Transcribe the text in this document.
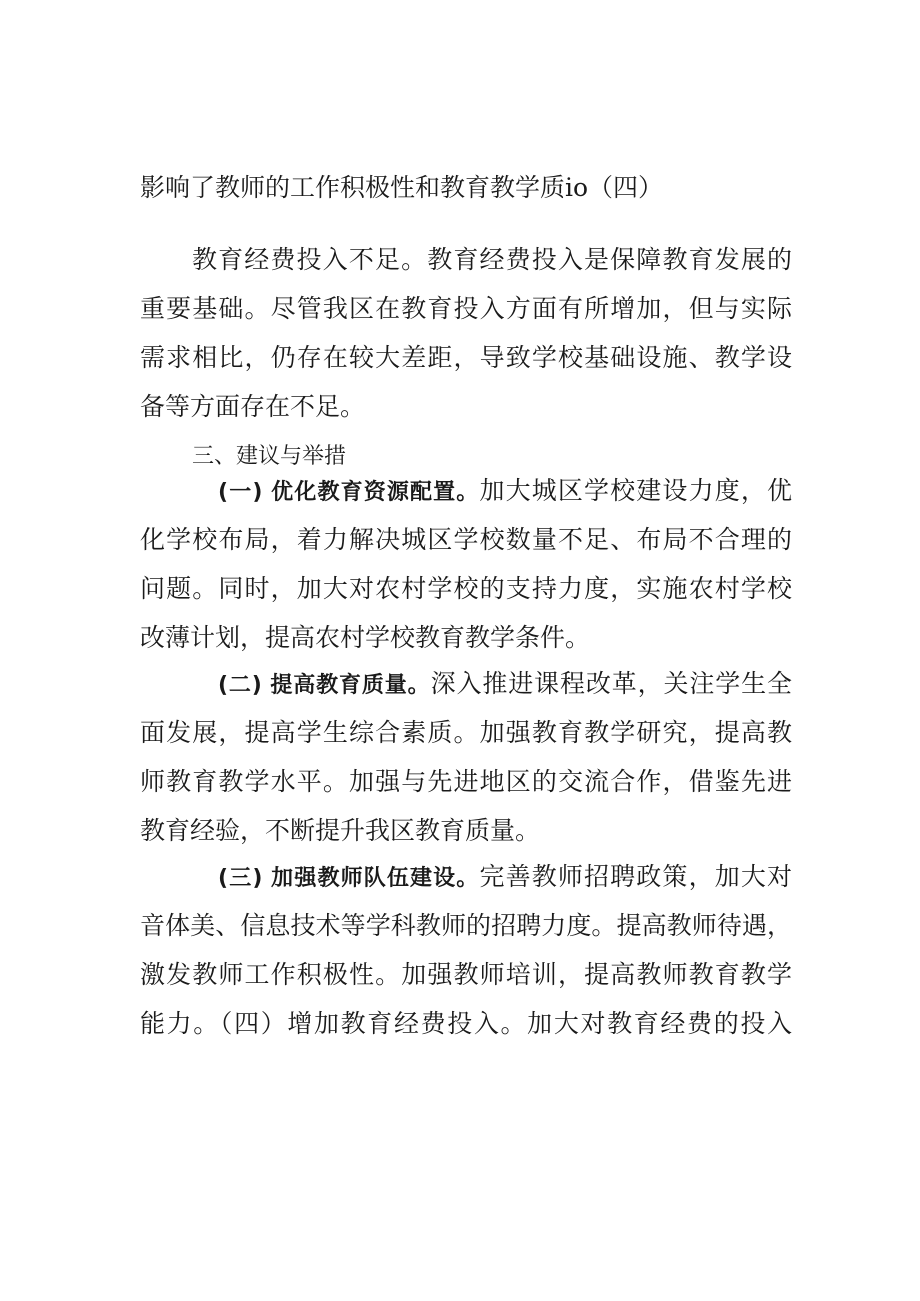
影响了教师的工作积极性和教育教学质io（四）
教育经费投入不足。教育经费投入是保障教育发展的
重要基础。尽管我区在教育投入方面有所增加，但与实际
需求相比，仍存在较大差距，导致学校基础设施、教学设
备等方面存在不足。
三、建议与举措
(一) 优化教育资源配置。加大城区学校建设力度，优
化学校布局，着力解决城区学校数量不足、布局不合理的
问题。同时，加大对农村学校的支持力度，实施农村学校
改薄计划，提高农村学校教育教学条件。
(二) 提高教育质量。深入推进课程改革，关注学生全
面发展，提高学生综合素质。加强教育教学研究，提高教
师教育教学水平。加强与先进地区的交流合作，借鉴先进
教育经验，不断提升我区教育质量。
(三) 加强教师队伍建设。完善教师招聘政策，加大对
音体美、信息技术等学科教师的招聘力度。提高教师待遇，
激发教师工作积极性。加强教师培训，提高教师教育教学
能力。（四）增加教育经费投入。加大对教育经费的投入
